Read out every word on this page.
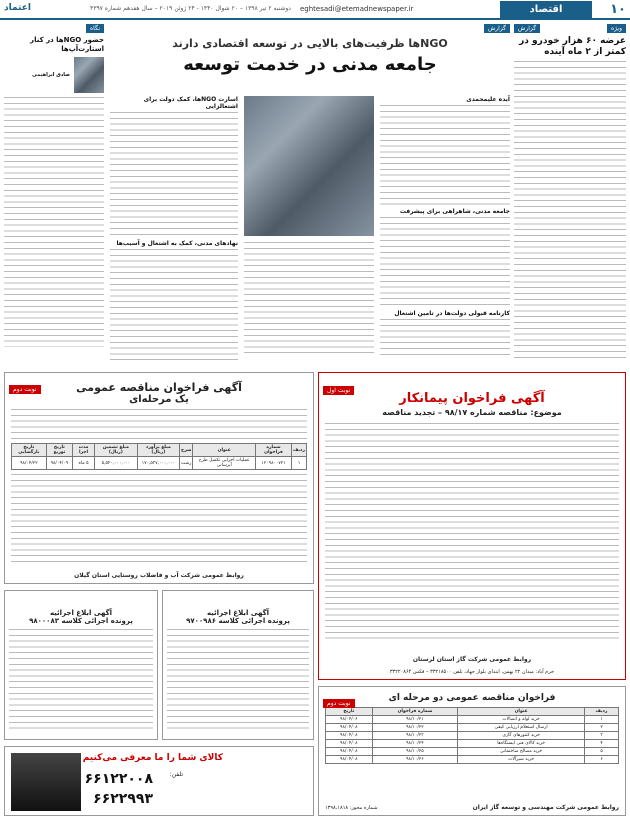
۱۰
اقتصاد
eghtesadi@etemadnewspaper.ir
دوشنبه ۲ تیر ۱۳۹۸ – ۲۰ شوال ۱۴۴۰ - ۲۴ ژوئن ۲۰۱۹ – سال هفدهم شماره ۴۳۹۷
اعتماد
ویژه
گزارش
عرضه ۶۰ هزار خودرو در کمتر از ۲ ماه آینده
گزارش
NGOها ظرفیت‌های بالایی در توسعه اقتصادی دارند
جامعه مدنی در خدمت توسعه
آیده علیمحمدی
جامعه مدنی، شاهراهی برای پیشرفت
کارنامه قبولی دولت‌ها در تامین اشتغال
اسارت NGOها، کمک دولت برای اشتغالزایی
نهادهای مدنی، کمک به اشتغال و آسیب‌ها
نگاه
حضور NGOها در کنار استارت‌آپ‌ها
صادق ابراهیمی
نوبت اول
آگهی فراخوان پیمانکار
موضوع: مناقصه شماره ۹۸/۱۷ – تجدید مناقصه
روابط عمومی شرکت گاز استان لرستان
خرم آباد: میدان ۲۲ بهمن، ابتدای بلوار جهاد، تلفن ۳۳۲۱۸۵۰۰ – فکس ۳۳۲۲۰۸۶۴
نوبت دوم	آگهی فراخوان مناقصه عمومی
یک مرحله‌ای
ردیف	شماره فراخوان	عنوان	شرح	مبلغ برآورد (ریال)	مبلغ تضمین (ریال)	مدت اجرا	تاریخ توزیع	تاریخ بازگشایی
۱	۱۲۰۹۸۰۰۷۲۱	عملیات اجرایی تکمیل طرح آبرسانی	رشت	۱۷۰,۵۳۷,۰۰۰,۰۰۰	۵,۵۲۰,۰۰۰,۰۰۰	۵ ماه	۹۸/۰۴/۰۹	۹۸/۰۴/۲۲
روابط عمومی شرکت آب و فاضلاب روستایی استان گیلان
آگهی ابلاغ اجرائیه
پرونده اجرائی کلاسه ۹۷۰۰۹۸۶
آگهی ابلاغ اجرائیه
پرونده اجرائی کلاسه ۹۸۰۰۰۸۳
کالای شما را ما معرفی می‌کنیم
تلفن:
۶۶۱۲۲۰۰۸
۶۶۲۲۹۹۳
نوبت دوم
فراخوان مناقصه عمومی دو مرحله ای
ردیف	عنوان	شماره فراخوان	تاریخ
۱	خرید لوله و اتصالات	۹۸/۱۰/۲۱	۹۸/۰۴/۰۶
۲	ارسال استعلام ارزیابی کیفی	۹۸/۱۰/۲۲	۹۸/۰۴/۰۸
۳	خرید کنتورهای گازی	۹۸/۱۰/۲۳	۹۸/۰۴/۰۸
۴	خرید کالای فنی ایستگاه‌ها	۹۸/۱۰/۲۴	۹۸/۰۴/۰۸
۵	خرید مصالح ساختمانی	۹۸/۱۰/۲۵	۹۸/۰۴/۰۸
۶	خرید شیرآلات	۹۸/۱۰/۲۶	۹۸/۰۴/۰۸
روابط عمومی شرکت مهندسی و توسعه گاز ایران
شماره مجوز: ۱۳۹۸،۱۸۱۸
